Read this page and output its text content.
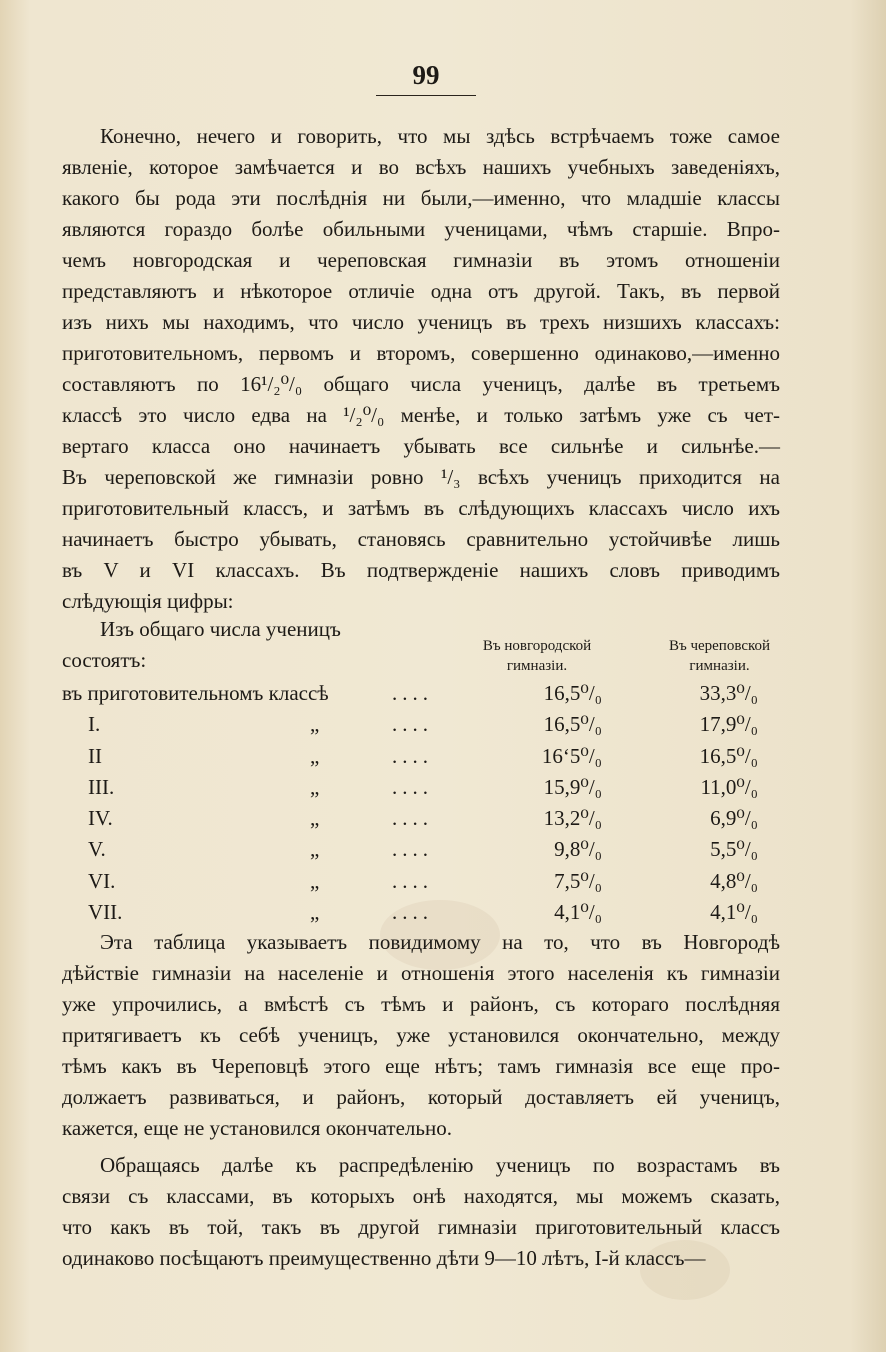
99

Конечно, нечего и говорить, что мы здѣсь встрѣчаемъ тоже самое
явленіе, которое замѣчается и во всѣхъ нашихъ учебныхъ заведеніяхъ,
какого бы рода эти послѣднія ни были,—именно, что младшіе классы
являются гораздо болѣе обильными ученицами, чѣмъ старшіе. Впро-
чемъ новгородская и череповская гимназіи въ этомъ отношеніи
представляютъ и нѣкоторое отличіе одна отъ другой. Такъ, въ первой
изъ нихъ мы находимъ, что число ученицъ въ трехъ низшихъ классахъ:
приготовительномъ, первомъ и второмъ, совершенно одинаково,—именно
составляютъ по 16¹/₂⁰/₀ общаго числа ученицъ, далѣе въ третьемъ
классѣ это число едва на ¹/₂⁰/₀ менѣе, и только затѣмъ уже съ чет-
вертаго класса оно начинаетъ убывать все сильнѣе и сильнѣе.—
Въ череповской же гимназіи ровно ¹/₃ всѣхъ ученицъ приходится на
приготовительный классъ, и затѣмъ въ слѣдующихъ классахъ число ихъ
начинаетъ быстро убывать, становясь сравнительно устойчивѣе лишь
въ V и VI классахъ. Въ подтвержденіе нашихъ словъ приводимъ
слѣдующія цифры:

Изъ общаго числа ученицъ
состоятъ:
Въ новгородской
гимназіи.
Въ череповской
гимназіи.
въ приготовительномъ классѣ	....	16,5⁰/₀	33,3⁰/₀
I.	„	....	16,5⁰/₀	17,9⁰/₀
II	„	....	16‘5⁰/₀	16,5⁰/₀
III.	„	....	15,9⁰/₀	11,0⁰/₀
IV.	„	....	13,2⁰/₀	6,9⁰/₀
V.	„	....	9,8⁰/₀	5,5⁰/₀
VI.	„	....	7,5⁰/₀	4,8⁰/₀
VII.	„	....	4,1⁰/₀	4,1⁰/₀

Эта таблица указываетъ повидимому на то, что въ Новгородѣ
дѣйствіе гимназіи на населеніе и отношенія этого населенія къ гимназіи
уже упрочились, а вмѣстѣ съ тѣмъ и районъ, съ котораго послѣдняя
притягиваетъ къ себѣ ученицъ, уже установился окончательно, между
тѣмъ какъ въ Череповцѣ этого еще нѣтъ; тамъ гимназія все еще про-
должаетъ развиваться, и районъ, который доставляетъ ей ученицъ,
кажется, еще не установился окончательно.

Обращаясь далѣе къ распредѣленію ученицъ по возрастамъ въ
связи съ классами, въ которыхъ онѣ находятся, мы можемъ сказать,
что какъ въ той, такъ въ другой гимназіи приготовительный классъ
одинаково посѣщаютъ преимущественно дѣти 9—10 лѣтъ, I-й классъ—
